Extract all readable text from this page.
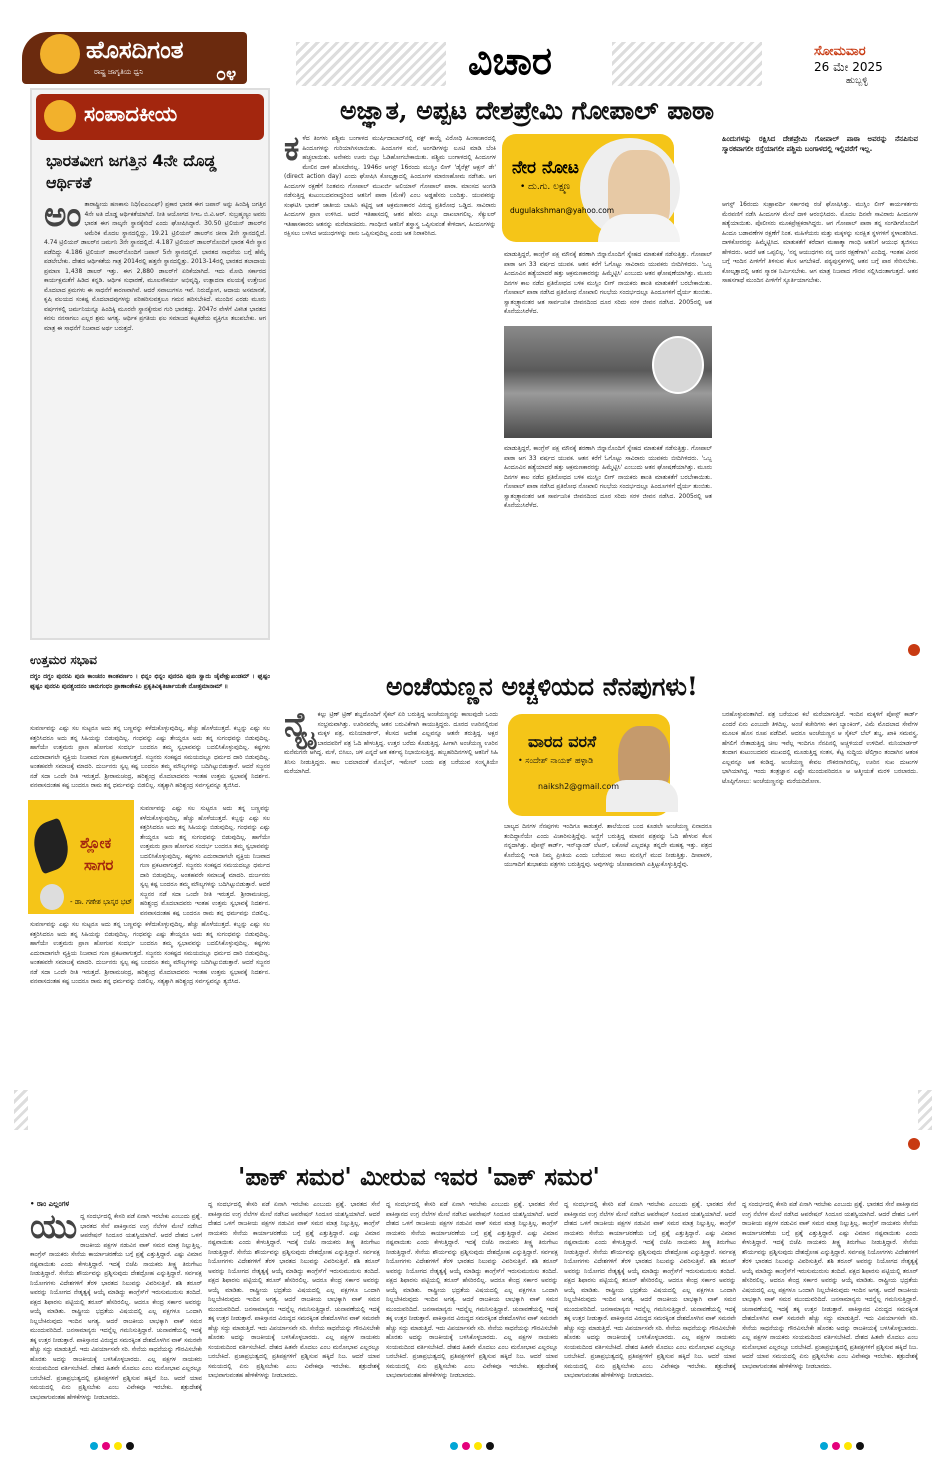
ಹೊಸದಿಗಂತ
ರಾಷ್ಟ್ರ ಜಾಗೃತಿಯ ಧ್ವನಿ	೦೪	ವಿಚಾರ	ಸೋಮವಾರ
26 ಮೇ 2025
ಹುಬ್ಬಳ್ಳಿ
ಸಂಪಾದಕೀಯ
ಭಾರತವೀಗ ಜಗತ್ತಿನ 4ನೇ ದೊಡ್ಡ ಆರ್ಥಿಕತೆ
ಅಂ ತಾರಾಷ್ಟ್ರೀಯ ಹಣಕಾಸು ನಿಧಿ(ಐಎಂಎಫ್) ಪ್ರಕಾರ ಭಾರತ ಈಗ ಜಪಾನ್ ಅನ್ನು ಹಿಂದಿಕ್ಕಿ ಜಗತ್ತಿನ 4ನೇ ಅತಿ ದೊಡ್ಡ ಆರ್ಥಿಕತೆಯಾಗಿದೆ. ನೀತಿ ಆಯೋಗದ ಸಿಇಒ ಬಿ.ವಿ.ಆರ್. ಸುಬ್ರಹ್ಮಣ್ಯಂ ಅವರು ಭಾರತ ಈಗ ನಾಲ್ಕನೇ ಸ್ಥಾನಕ್ಕೇರಿದೆ ಎಂದು ಘೋಷಿಸಿದ್ದಾರೆ. 30.50 ಟ್ರಿಲಿಯನ್ ಡಾಲರ್‌ನ ಅಮೆರಿಕ ಮೊದಲ ಸ್ಥಾನದಲ್ಲಿದ್ದು, 19.21 ಟ್ರಿಲಿಯನ್ ಡಾಲರ್‌ನ ಚೀನಾ 2ನೇ ಸ್ಥಾನದಲ್ಲಿದೆ. 4.74 ಟ್ರಿಲಿಯನ್ ಡಾಲರ್‌ನ ಜರ್ಮನಿ 3ನೇ ಸ್ಥಾನದಲ್ಲಿದೆ. 4.187 ಟ್ರಿಲಿಯನ್ ಡಾಲರ್‌ನೊಂದಿಗೆ ಭಾರತ 4ನೇ ಸ್ಥಾನ ಪಡೆದಿದ್ದು 4.186 ಟ್ರಿಲಿಯನ್ ಡಾಲರ್‌ನೊಂದಿಗೆ ಜಪಾನ್ 5ನೇ ಸ್ಥಾನದಲ್ಲಿದೆ. ಭಾರತದ ಸಾಧನೆಯ ಬಗ್ಗೆ ಹೆಮ್ಮೆ ಪಡಲೇಬೇಕು. ದೇಶದ ಆರ್ಥಿಕತೆಯ ಗಾತ್ರ 2014ರಲ್ಲಿ ಹತ್ತನೇ ಸ್ಥಾನದಲ್ಲಿತ್ತು. 2013-14ರಲ್ಲಿ ಭಾರತದ ತಲಾದಾಯ ಪ್ರಮಾಣ 1,438 ಡಾಲರ್ ಇತ್ತು. ಈಗ 2,880 ಡಾಲರ್‌ಗೆ ಏರಿಕೆಯಾಗಿದೆ. ಇದು ಮೋದಿ ಸರ್ಕಾರದ ಕಾರ್ಯಕ್ಷಮತೆಗೆ ಹಿಡಿದ ಕನ್ನಡಿ. ಆರ್ಥಿಕ ಸುಧಾರಣೆ, ಮೂಲಸೌಕರ್ಯ ಅಭಿವೃದ್ಧಿ, ಉತ್ಪಾದನಾ ವಲಯಕ್ಕೆ ಉತ್ತೇಜನ ಮೊದಲಾದ ಕ್ರಮಗಳು ಈ ಸಾಧನೆಗೆ ಕಾರಣವಾಗಿವೆ. ಆದರೆ ಸವಾಲುಗಳೂ ಇವೆ. ನಿರುದ್ಯೋಗ, ಆದಾಯ ಅಸಮಾನತೆ, ಕೃಷಿ ವಲಯದ ಸಂಕಷ್ಟ ಮೊದಲಾದವುಗಳನ್ನು ಪರಿಹರಿಸುವತ್ತಲೂ ಗಮನ ಹರಿಸಬೇಕಿದೆ. ಮುಂದಿನ ಎರಡು ಮೂರು ವರ್ಷಗಳಲ್ಲಿ ಜರ್ಮನಿಯನ್ನೂ ಹಿಂದಿಕ್ಕಿ ಮೂರನೇ ಸ್ಥಾನಕ್ಕೇರುವ ಗುರಿ ಭಾರತದ್ದು. 2047ರ ವೇಳೆಗೆ ವಿಕಸಿತ ಭಾರತದ ಕನಸು ನನಸಾಗಲು ಎಲ್ಲರ ಶ್ರಮ ಅಗತ್ಯ. ಆರ್ಥಿಕ ಪ್ರಗತಿಯ ಫಲ ಸಮಾಜದ ಕಟ್ಟಕಡೆಯ ವ್ಯಕ್ತಿಗೂ ತಲುಪಬೇಕು. ಆಗ ಮಾತ್ರ ಈ ಸಾಧನೆಗೆ ನಿಜವಾದ ಅರ್ಥ ಬರುತ್ತದೆ.
ಅಜ್ಞಾತ, ಅಪ್ಪಟ ದೇಶಪ್ರೇಮಿ ಗೋಪಾಲ್ ಪಾಠಾ
ಕ ಳೆದ ತಿಂಗಳು ಪಶ್ಚಿಮ ಬಂಗಾಳದ ಮುರ್ಷಿದಾಬಾದ್‌ನಲ್ಲಿ ವಕ್ಫ್ ಕಾಯ್ದೆ ವಿರೋಧಿ ಹಿಂಸಾಚಾರದಲ್ಲಿ ಹಿಂದೂಗಳನ್ನು ಗುರಿಯಾಗಿಸಲಾಯಿತು. ಹಿಂದೂಗಳ ಮನೆ, ಅಂಗಡಿಗಳನ್ನು ಲೂಟಿ ಮಾಡಿ ಬೆಂಕಿ ಹಚ್ಚಲಾಯಿತು. ಅನೇಕರು ಊರು ಬಿಟ್ಟು ಓಡಿಹೋಗಬೇಕಾಯಿತು. ಪಶ್ಚಿಮ ಬಂಗಾಳದಲ್ಲಿ ಹಿಂದೂಗಳ ಮೇಲಿನ ದಾಳಿ ಹೊಸದೇನಲ್ಲ. 1946ರ ಆಗಸ್ಟ್ 16ರಂದು ಮುಸ್ಲಿಂ ಲೀಗ್ 'ಡೈರೆಕ್ಟ್ ಆಕ್ಷನ್ ಡೇ' (direct action day) ಎಂದು ಘೋಷಿಸಿ ಕೋಲ್ಕತ್ತಾದಲ್ಲಿ ಹಿಂದೂಗಳ ಮಾರಣಹೋಮ ನಡೆಸಿತು. ಆಗ ಹಿಂದೂಗಳ ರಕ್ಷಣೆಗೆ ನಿಂತವನು ಗೋಪಾಲ್ ಮುಖರ್ಜಿ ಅಲಿಯಾಸ್ ಗೋಪಾಲ್ ಪಾಠಾ. ಮಾಂಸದ ಅಂಗಡಿ ನಡೆಸುತ್ತಿದ್ದ ಕುಟುಂಬದವನಾದ್ದರಿಂದ ಆತನಿಗೆ ಪಾಠಾ (ಮೇಕೆ) ಎಂಬ ಅಡ್ಡಹೆಸರು ಬಂದಿತ್ತು. ಯುವಕರನ್ನು ಸಂಘಟಿಸಿ ಭಾರತ್ ಜಾತೀಯ ಬಾಹಿನಿ ಕಟ್ಟಿದ್ದ ಆತ ಆಕ್ರಮಣಕಾರರ ವಿರುದ್ಧ ಪ್ರತಿರೋಧ ಒಡ್ಡಿದ. ಸಾವಿರಾರು ಹಿಂದೂಗಳ ಪ್ರಾಣ ಉಳಿಸಿದ. ಆದರೆ ಇತಿಹಾಸದಲ್ಲಿ ಆತನ ಹೆಸರು ಎಲ್ಲೂ ದಾಖಲಾಗಲಿಲ್ಲ. ಸೆಕ್ಯುಲರ್ ಇತಿಹಾಸಕಾರರು ಆತನನ್ನು ಮರೆಮಾಚಿದರು. ಗಾಂಧೀಜಿ ಆತನಿಗೆ ಶಸ್ತ್ರಾಸ್ತ್ರ ಒಪ್ಪಿಸುವಂತೆ ಕೇಳಿದಾಗ, ಹಿಂದೂಗಳನ್ನು ರಕ್ಷಿಸಲು ಬಳಸಿದ ಆಯುಧಗಳನ್ನು ನಾನು ಒಪ್ಪಿಸುವುದಿಲ್ಲ ಎಂದು ಆತ ನಿರಾಕರಿಸಿದ.
ನೇರ ನೋಟ
• ದು.ಗು. ಲಕ್ಷ್ಮಣ
dugulakshman@yahoo.com
ಮಾಡುತ್ತಿದ್ದರೆ, ಕಾಂಗ್ರೆಸ್ ಪಕ್ಷ ಮೌನಕ್ಕೆ ಶರಣಾಗಿ ಜಿನ್ನಾನೊಂದಿಗೆ ಸ್ನೇಹದ ಮಾತುಕತೆ ನಡೆಸುತ್ತಿತ್ತು. ಗೋಪಾಲ್ ಪಾಠಾ ಆಗ 33 ವರ್ಷದ ಯುವಕ. ಆತನ ಕರೆಗೆ ಓಗೊಟ್ಟು ಸಾವಿರಾರು ಯುವಕರು ಬೀದಿಗಿಳಿದರು. 'ಒಬ್ಬ ಹಿಂದೂವಿನ ಹತ್ಯೆಯಾದರೆ ಹತ್ತು ಆಕ್ರಮಣಕಾರರನ್ನು ಹಿಮ್ಮೆಟ್ಟಿಸಿ' ಎಂಬುದು ಆತನ ಘೋಷಣೆಯಾಗಿತ್ತು. ಮೂರು ದಿನಗಳ ಕಾಲ ನಡೆದ ಪ್ರತಿರೋಧದ ಬಳಿಕ ಮುಸ್ಲಿಂ ಲೀಗ್ ನಾಯಕರು ಶಾಂತಿ ಮಾತುಕತೆಗೆ ಬರಬೇಕಾಯಿತು. ಗೋಪಾಲ್ ಪಾಠಾ ನಡೆಸಿದ ಪ್ರತಿರೋಧ ನೋಖಾಲಿ ಗಲಭೆಯ ಸಂದರ್ಭದಲ್ಲೂ ಹಿಂದೂಗಳಿಗೆ ಧೈರ್ಯ ತುಂಬಿತು. ಸ್ವಾತಂತ್ರ್ಯಾನಂತರ ಆತ ಸಾರ್ವಜನಿಕ ಜೀವನದಿಂದ ದೂರ ಸರಿದು ಸರಳ ಜೀವನ ನಡೆಸಿದ. 2005ರಲ್ಲಿ ಆತ ಕೊನೆಯುಸಿರೆಳೆದ.
ಮಾಡುತ್ತಿದ್ದರೆ, ಕಾಂಗ್ರೆಸ್ ಪಕ್ಷ ಮೌನಕ್ಕೆ ಶರಣಾಗಿ ಜಿನ್ನಾನೊಂದಿಗೆ ಸ್ನೇಹದ ಮಾತುಕತೆ ನಡೆಸುತ್ತಿತ್ತು. ಗೋಪಾಲ್ ಪಾಠಾ ಆಗ 33 ವರ್ಷದ ಯುವಕ. ಆತನ ಕರೆಗೆ ಓಗೊಟ್ಟು ಸಾವಿರಾರು ಯುವಕರು ಬೀದಿಗಿಳಿದರು. 'ಒಬ್ಬ ಹಿಂದೂವಿನ ಹತ್ಯೆಯಾದರೆ ಹತ್ತು ಆಕ್ರಮಣಕಾರರನ್ನು ಹಿಮ್ಮೆಟ್ಟಿಸಿ' ಎಂಬುದು ಆತನ ಘೋಷಣೆಯಾಗಿತ್ತು. ಮೂರು ದಿನಗಳ ಕಾಲ ನಡೆದ ಪ್ರತಿರೋಧದ ಬಳಿಕ ಮುಸ್ಲಿಂ ಲೀಗ್ ನಾಯಕರು ಶಾಂತಿ ಮಾತುಕತೆಗೆ ಬರಬೇಕಾಯಿತು. ಗೋಪಾಲ್ ಪಾಠಾ ನಡೆಸಿದ ಪ್ರತಿರೋಧ ನೋಖಾಲಿ ಗಲಭೆಯ ಸಂದರ್ಭದಲ್ಲೂ ಹಿಂದೂಗಳಿಗೆ ಧೈರ್ಯ ತುಂಬಿತು. ಸ್ವಾತಂತ್ರ್ಯಾನಂತರ ಆತ ಸಾರ್ವಜನಿಕ ಜೀವನದಿಂದ ದೂರ ಸರಿದು ಸರಳ ಜೀವನ ನಡೆಸಿದ. 2005ರಲ್ಲಿ ಆತ ಕೊನೆಯುಸಿರೆಳೆದ.
ಹಿಂದುಗಳನ್ನು ರಕ್ಷಿಸಿದ ದೇಶಪ್ರೇಮಿ ಗೋಪಾಲ್ ಪಾಠಾ ಅವರನ್ನು ನೆನಪಿಸುವ ಸ್ಮಾರಕವಾಗಲೀ ರಸ್ತೆಯಾಗಲೀ ಪಶ್ಚಿಮ ಬಂಗಾಳದಲ್ಲಿ ಇಲ್ಲಿವರೆಗೆ ಇಲ್ಲ.
ಆಗಸ್ಟ್ 16ರಂದು ಸುಹ್ರಾವರ್ದಿ ಸರ್ಕಾರವು ರಜೆ ಘೋಷಿಸಿತ್ತು. ಮುಸ್ಲಿಂ ಲೀಗ್ ಕಾರ್ಯಕರ್ತರು ಮೆರವಣಿಗೆ ನಡೆಸಿ ಹಿಂದೂಗಳ ಮೇಲೆ ದಾಳಿ ಆರಂಭಿಸಿದರು. ಮೊದಲ ದಿನವೇ ಸಾವಿರಾರು ಹಿಂದೂಗಳ ಹತ್ಯೆಯಾಯಿತು. ಪೊಲೀಸರು ಮೂಕಪ್ರೇಕ್ಷಕರಾಗಿದ್ದರು. ಆಗ ಗೋಪಾಲ್ ಪಾಠಾ ತನ್ನ ಸಂಗಡಿಗರೊಂದಿಗೆ ಹಿಂದೂ ಬಡಾವಣೆಗಳ ರಕ್ಷಣೆಗೆ ನಿಂತ. ಮಹಿಳೆಯರು ಮತ್ತು ಮಕ್ಕಳನ್ನು ಸುರಕ್ಷಿತ ಸ್ಥಳಗಳಿಗೆ ಸ್ಥಳಾಂತರಿಸಿದ. ದಾಳಿಕೋರರನ್ನು ಹಿಮ್ಮೆಟ್ಟಿಸಿದ. ಮಾತುಕತೆಗೆ ಕರೆದಾಗ ಮಹಾತ್ಮಾ ಗಾಂಧಿ ಆತನಿಗೆ ಆಯುಧ ತ್ಯಜಿಸಲು ಹೇಳಿದರು. ಆದರೆ ಆತ ಒಪ್ಪಲಿಲ್ಲ. 'ನನ್ನ ಆಯುಧಗಳು ನನ್ನ ಜನರ ರಕ್ಷಣೆಗಾಗಿ' ಎಂದಿದ್ದ. ಇಂತಹ ವೀರನ ಬಗ್ಗೆ ಇಂದಿನ ಪೀಳಿಗೆಗೆ ತಿಳಿಸುವ ಕೆಲಸ ಆಗಬೇಕಿದೆ. ಪಠ್ಯಪುಸ್ತಕಗಳಲ್ಲಿ ಆತನ ಬಗ್ಗೆ ಪಾಠ ಸೇರಿಸಬೇಕು. ಕೋಲ್ಕತ್ತಾದಲ್ಲಿ ಆತನ ಸ್ಮಾರಕ ನಿರ್ಮಿಸಬೇಕು. ಆಗ ಮಾತ್ರ ನಿಜವಾದ ಗೌರವ ಸಲ್ಲಿಸಿದಂತಾಗುತ್ತದೆ. ಆತನ ಸಾಹಸಗಾಥೆ ಮುಂದಿನ ಪೀಳಿಗೆಗೆ ಸ್ಫೂರ್ತಿಯಾಗಬೇಕು.
ಉತ್ತಮರ ಸಭಾವ
ದಗ್ಧಂ ದಗ್ಧಂ ಪುನರಪಿ ಪುನಃ ಕಾಂಚನಂ ಕಾಂತವರ್ಣಂ । ಛಿನ್ನಂ ಛಿನ್ನಂ ಪುನರಪಿ ಪುನಃ ಸ್ವಾದು ಚೈವೇಕ್ಷುಖಂಡಮ್ । ಘೃಷ್ಟಂ ಘೃಷ್ಟಂ ಪುನರಪಿ ಪುನಶ್ಚಂದನಂ ಚಾರುಗಂಧಂ ಪ್ರಾಣಾಂತೇಽಪಿ ಪ್ರಕೃತಿವಿಕೃತಿರ್ಜಾಯತೇ ನೋತ್ತಮಾನಾಮ್ ॥
ಶ್ಲೋಕ
ಸಾಗರ
- ಡಾ. ಗಣೇಶ ಭಾಸ್ಕರ ಭಟ್
ಸುವರ್ಣವನ್ನು ಎಷ್ಟು ಸಲ ಸುಟ್ಟರೂ ಅದು ತನ್ನ ಬಣ್ಣವನ್ನು ಕಳೆದುಕೊಳ್ಳುವುದಿಲ್ಲ, ಹೆಚ್ಚು ಹೊಳೆಯುತ್ತದೆ. ಕಬ್ಬನ್ನು ಎಷ್ಟು ಸಲ ಕತ್ತರಿಸಿದರೂ ಅದು ತನ್ನ ಸಿಹಿಯನ್ನು ಬಿಡುವುದಿಲ್ಲ. ಗಂಧವನ್ನು ಎಷ್ಟು ತೇಯ್ದರೂ ಅದು ತನ್ನ ಸುಗಂಧವನ್ನು ಬಿಡುವುದಿಲ್ಲ. ಹಾಗೆಯೇ ಉತ್ತಮರು ಪ್ರಾಣ ಹೋಗುವ ಸಂದರ್ಭ ಬಂದರೂ ತಮ್ಮ ಸ್ವಭಾವವನ್ನು ಬದಲಿಸಿಕೊಳ್ಳುವುದಿಲ್ಲ. ಕಷ್ಟಗಳು ಎದುರಾದಾಗಲೇ ವ್ಯಕ್ತಿಯ ನಿಜವಾದ ಗುಣ ಪ್ರಕಟವಾಗುತ್ತದೆ. ಸಜ್ಜನರು ಸಂಕಷ್ಟದ ಸಮಯದಲ್ಲೂ ಧರ್ಮದ ದಾರಿ ಬಿಡುವುದಿಲ್ಲ. ಅಂತಹವರೇ ಸಮಾಜಕ್ಕೆ ಮಾದರಿ. ದುರ್ಜನರು ಸ್ವಲ್ಪ ಕಷ್ಟ ಬಂದರೂ ತಮ್ಮ ಮೌಲ್ಯಗಳನ್ನು ಬದಿಗಿಟ್ಟುಬಿಡುತ್ತಾರೆ. ಆದರೆ ಸಜ್ಜನರ ನಡೆ ಸದಾ ಒಂದೇ ರೀತಿ ಇರುತ್ತದೆ. ಶ್ರೀರಾಮಚಂದ್ರ, ಹರಿಶ್ಚಂದ್ರ ಮೊದಲಾದವರು ಇಂತಹ ಉತ್ತಮ ಸ್ವಭಾವಕ್ಕೆ ನಿದರ್ಶನ. ವನವಾಸದಂತಹ ಕಷ್ಟ ಬಂದರೂ ರಾಮ ತನ್ನ ಧರ್ಮವನ್ನು ಬಿಡಲಿಲ್ಲ. ಸತ್ಯಕ್ಕಾಗಿ ಹರಿಶ್ಚಂದ್ರ ಸರ್ವಸ್ವವನ್ನೂ ತ್ಯಜಿಸಿದ.
ಸುವರ್ಣವನ್ನು ಎಷ್ಟು ಸಲ ಸುಟ್ಟರೂ ಅದು ತನ್ನ ಬಣ್ಣವನ್ನು ಕಳೆದುಕೊಳ್ಳುವುದಿಲ್ಲ, ಹೆಚ್ಚು ಹೊಳೆಯುತ್ತದೆ. ಕಬ್ಬನ್ನು ಎಷ್ಟು ಸಲ ಕತ್ತರಿಸಿದರೂ ಅದು ತನ್ನ ಸಿಹಿಯನ್ನು ಬಿಡುವುದಿಲ್ಲ. ಗಂಧವನ್ನು ಎಷ್ಟು ತೇಯ್ದರೂ ಅದು ತನ್ನ ಸುಗಂಧವನ್ನು ಬಿಡುವುದಿಲ್ಲ. ಹಾಗೆಯೇ ಉತ್ತಮರು ಪ್ರಾಣ ಹೋಗುವ ಸಂದರ್ಭ ಬಂದರೂ ತಮ್ಮ ಸ್ವಭಾವವನ್ನು ಬದಲಿಸಿಕೊಳ್ಳುವುದಿಲ್ಲ. ಕಷ್ಟಗಳು ಎದುರಾದಾಗಲೇ ವ್ಯಕ್ತಿಯ ನಿಜವಾದ ಗುಣ ಪ್ರಕಟವಾಗುತ್ತದೆ. ಸಜ್ಜನರು ಸಂಕಷ್ಟದ ಸಮಯದಲ್ಲೂ ಧರ್ಮದ ದಾರಿ ಬಿಡುವುದಿಲ್ಲ. ಅಂತಹವರೇ ಸಮಾಜಕ್ಕೆ ಮಾದರಿ. ದುರ್ಜನರು ಸ್ವಲ್ಪ ಕಷ್ಟ ಬಂದರೂ ತಮ್ಮ ಮೌಲ್ಯಗಳನ್ನು ಬದಿಗಿಟ್ಟುಬಿಡುತ್ತಾರೆ. ಆದರೆ ಸಜ್ಜನರ ನಡೆ ಸದಾ ಒಂದೇ ರೀತಿ ಇರುತ್ತದೆ. ಶ್ರೀರಾಮಚಂದ್ರ, ಹರಿಶ್ಚಂದ್ರ ಮೊದಲಾದವರು ಇಂತಹ ಉತ್ತಮ ಸ್ವಭಾವಕ್ಕೆ ನಿದರ್ಶನ. ವನವಾಸದಂತಹ ಕಷ್ಟ ಬಂದರೂ ರಾಮ ತನ್ನ ಧರ್ಮವನ್ನು ಬಿಡಲಿಲ್ಲ.
ಸುವರ್ಣವನ್ನು ಎಷ್ಟು ಸಲ ಸುಟ್ಟರೂ ಅದು ತನ್ನ ಬಣ್ಣವನ್ನು ಕಳೆದುಕೊಳ್ಳುವುದಿಲ್ಲ, ಹೆಚ್ಚು ಹೊಳೆಯುತ್ತದೆ. ಕಬ್ಬನ್ನು ಎಷ್ಟು ಸಲ ಕತ್ತರಿಸಿದರೂ ಅದು ತನ್ನ ಸಿಹಿಯನ್ನು ಬಿಡುವುದಿಲ್ಲ. ಗಂಧವನ್ನು ಎಷ್ಟು ತೇಯ್ದರೂ ಅದು ತನ್ನ ಸುಗಂಧವನ್ನು ಬಿಡುವುದಿಲ್ಲ. ಹಾಗೆಯೇ ಉತ್ತಮರು ಪ್ರಾಣ ಹೋಗುವ ಸಂದರ್ಭ ಬಂದರೂ ತಮ್ಮ ಸ್ವಭಾವವನ್ನು ಬದಲಿಸಿಕೊಳ್ಳುವುದಿಲ್ಲ. ಕಷ್ಟಗಳು ಎದುರಾದಾಗಲೇ ವ್ಯಕ್ತಿಯ ನಿಜವಾದ ಗುಣ ಪ್ರಕಟವಾಗುತ್ತದೆ. ಸಜ್ಜನರು ಸಂಕಷ್ಟದ ಸಮಯದಲ್ಲೂ ಧರ್ಮದ ದಾರಿ ಬಿಡುವುದಿಲ್ಲ. ಅಂತಹವರೇ ಸಮಾಜಕ್ಕೆ ಮಾದರಿ. ದುರ್ಜನರು ಸ್ವಲ್ಪ ಕಷ್ಟ ಬಂದರೂ ತಮ್ಮ ಮೌಲ್ಯಗಳನ್ನು ಬದಿಗಿಟ್ಟುಬಿಡುತ್ತಾರೆ. ಆದರೆ ಸಜ್ಜನರ ನಡೆ ಸದಾ ಒಂದೇ ರೀತಿ ಇರುತ್ತದೆ. ಶ್ರೀರಾಮಚಂದ್ರ, ಹರಿಶ್ಚಂದ್ರ ಮೊದಲಾದವರು ಇಂತಹ ಉತ್ತಮ ಸ್ವಭಾವಕ್ಕೆ ನಿದರ್ಶನ. ವನವಾಸದಂತಹ ಕಷ್ಟ ಬಂದರೂ ರಾಮ ತನ್ನ ಧರ್ಮವನ್ನು ಬಿಡಲಿಲ್ಲ. ಸತ್ಯಕ್ಕಾಗಿ ಹರಿಶ್ಚಂದ್ರ ಸರ್ವಸ್ವವನ್ನೂ ತ್ಯಜಿಸಿದ.
ಅಂಚೆಯಣ್ಣನ ಅಚ್ಚಳಿಯದ ನೆನಪುಗಳು!
ನ್ಯೈ ಕಲ್ಲು ಟ್ರಿಣ್ ಟ್ರಿಣ್ ಶಬ್ದದೊಂದಿಗೆ ಸೈಕಲ್ ಏರಿ ಬರುತ್ತಿದ್ದ ಅಂಚೆಯಣ್ಣನನ್ನು ಕಾಣುವುದೇ ಒಂದು ಸಂಭ್ರಮವಾಗಿತ್ತು. ಊರಿನವರೆಲ್ಲ ಆತನ ಬರುವಿಕೆಗಾಗಿ ಕಾಯುತ್ತಿದ್ದರು. ದೂರದ ಊರಿನಲ್ಲಿರುವ ಮಕ್ಕಳ ಪತ್ರ, ಮನಿಯಾರ್ಡರ್, ಕೆಲಸದ ಆದೇಶ ಎಲ್ಲವನ್ನೂ ಆತನೇ ತರುತ್ತಿದ್ದ. ಅಕ್ಷರ ಬಾರದವರಿಗೆ ಪತ್ರ ಓದಿ ಹೇಳುತ್ತಿದ್ದ. ಉತ್ತರ ಬರೆದು ಕೊಡುತ್ತಿದ್ದ. ಹೀಗಾಗಿ ಅಂಚೆಯಣ್ಣ ಊರಿನ ಮನೆಮಗನೇ ಆಗಿದ್ದ. ಮಳೆ, ಬಿಸಿಲು, ಚಳಿ ಎನ್ನದೆ ಆತ ಕರ್ತವ್ಯ ನಿಭಾಯಿಸುತ್ತಿದ್ದ. ಹಬ್ಬಹರಿದಿನಗಳಲ್ಲಿ ಆತನಿಗೆ ಸಿಹಿ ತಿನಿಸು ನೀಡುತ್ತಿದ್ದರು. ಕಾಲ ಬದಲಾದಂತೆ ಮೊಬೈಲ್, ಇಮೇಲ್ ಬಂದು ಪತ್ರ ಬರೆಯುವ ಸಂಸ್ಕೃತಿಯೇ ಮರೆಯಾಗಿದೆ.
ವಾರದ ವರಸೆ
• ಸಂದೇಶ್ ನಾಯಕ್ ಹಳ್ಳಾಡಿ
naiksh2@gmail.com
ಬಾಲ್ಯದ ದಿನಗಳ ನೆನಪುಗಳು ಇಂದಿಗೂ ಕಾಡುತ್ತವೆ. ಶಾಲೆಯಿಂದ ಬಂದ ಕೂಡಲೇ ಅಂಚೆಯಣ್ಣ ಏನಾದರೂ ತಂದಿದ್ದಾನೆಯೇ ಎಂದು ವಿಚಾರಿಸುತ್ತಿದ್ದೆವು. ಅಜ್ಜಿಗೆ ಬರುತ್ತಿದ್ದ ಮಾವನ ಪತ್ರವನ್ನು ಓದಿ ಹೇಳುವ ಕೆಲಸ ನನ್ನದಾಗಿತ್ತು. ಪೋಸ್ಟ್ ಕಾರ್ಡ್, ಇನ್‌ಲ್ಯಾಂಡ್ ಲೆಟರ್, ಲಕೋಟೆ ಎಲ್ಲದಕ್ಕೂ ತನ್ನದೇ ಮಹತ್ವ ಇತ್ತು. ಪತ್ರದ ಕೊನೆಯಲ್ಲಿ ಇಂತಿ ನಿಮ್ಮ ಪ್ರೀತಿಯ ಎಂದು ಬರೆಯುವ ಸಾಲು ಮನಸ್ಸಿಗೆ ಮುದ ನೀಡುತ್ತಿತ್ತು. ದೀಪಾವಳಿ, ಯುಗಾದಿಗೆ ಶುಭಾಶಯ ಪತ್ರಗಳು ಬರುತ್ತಿದ್ದವು. ಅವುಗಳನ್ನು ಜೋಪಾನವಾಗಿ ಎತ್ತಿಟ್ಟುಕೊಳ್ಳುತ್ತಿದ್ದೆವು.
ಬರಹೊಳ್ಳುವಂತಾಗಿದೆ. ಪತ್ರ ಬರೆಯುವ ಕಲೆ ಮರೆಯಾಗುತ್ತಿದೆ. ಇಂದಿನ ಮಕ್ಕಳಿಗೆ ಪೋಸ್ಟ್ ಕಾರ್ಡ್ ಎಂದರೆ ಏನು ಎಂಬುದೇ ತಿಳಿದಿಲ್ಲ. ಅಂಚೆ ಕಚೇರಿಗಳು ಈಗ ಬ್ಯಾಂಕಿಂಗ್, ವಿಮೆ ಮೊದಲಾದ ಸೇವೆಗಳ ಮೂಲಕ ಹೊಸ ರೂಪ ಪಡೆದಿವೆ. ಆದರೂ ಅಂಚೆಯಣ್ಣನ ಆ ಸೈಕಲ್ ಬೆಲ್ ಶಬ್ದ, ಖಾಕಿ ಸಮವಸ್ತ್ರ, ಹೆಗಲಿಗೆ ನೇತಾಡುತ್ತಿದ್ದ ಚೀಲ ಇವೆಲ್ಲ ಇಂದಿಗೂ ನೆನಪಿನಲ್ಲಿ ಅಚ್ಚಳಿಯದೆ ಉಳಿದಿವೆ. ಮನಿಯಾರ್ಡರ್ ತಂದಾಗ ಕುಟುಂಬದವರ ಮುಖದಲ್ಲಿ ಮೂಡುತ್ತಿದ್ದ ಸಂತಸ, ಕೆಟ್ಟ ಸುದ್ದಿಯ ಟೆಲಿಗ್ರಾಂ ತಂದಾಗಿನ ಆತಂಕ ಎಲ್ಲವನ್ನೂ ಆತ ಕಂಡಿದ್ದ. ಅಂಚೆಯಣ್ಣ ಕೇವಲ ನೌಕರನಾಗಿರಲಿಲ್ಲ, ಊರಿನ ಸುಖ ದುಃಖಗಳ ಭಾಗಿಯಾಗಿದ್ದ. ಇಂದು ತಂತ್ರಜ್ಞಾನ ಎಷ್ಟೇ ಮುಂದುವರಿದರೂ ಆ ಆತ್ಮೀಯತೆ ಮರಳಿ ಬರಲಾರದು. ಟೊಪ್ಪಿಗೋಲು: ಅಂಚೆಯಣ್ಣನನ್ನು ಮರೆಯದಿರೋಣ.
'ಪಾಕ್ ಸಮರ' ಮೀರುವ ಇವರ 'ವಾಕ್ ಸಮರ'
• ರಾಂ ಎಲ್ಲಂಗಳ
ಯು ದ್ಧ ಸಂದರ್ಭದಲ್ಲಿ ಕೇಸರಿ ಪಡೆ ಏನಾಗಿ ಇರಬೇಕು ಎಂಬುದು ಪ್ರಶ್ನೆ. ಭಾರತದ ಸೇನೆ ಪಾಕಿಸ್ತಾನದ ಉಗ್ರ ನೆಲೆಗಳ ಮೇಲೆ ನಡೆಸಿದ ಆಪರೇಷನ್ ಸಿಂದೂರ ಯಶಸ್ವಿಯಾಗಿದೆ. ಆದರೆ ದೇಶದ ಒಳಗೆ ರಾಜಕೀಯ ಪಕ್ಷಗಳ ನಡುವಿನ ವಾಕ್ ಸಮರ ಮಾತ್ರ ನಿಲ್ಲುತ್ತಿಲ್ಲ. ಕಾಂಗ್ರೆಸ್ ನಾಯಕರು ಸೇನೆಯ ಕಾರ್ಯಾಚರಣೆಯ ಬಗ್ಗೆ ಪ್ರಶ್ನೆ ಎತ್ತುತ್ತಿದ್ದಾರೆ. ಎಷ್ಟು ವಿಮಾನ ನಷ್ಟವಾಯಿತು ಎಂದು ಕೇಳುತ್ತಿದ್ದಾರೆ. ಇದಕ್ಕೆ ಬಿಜೆಪಿ ನಾಯಕರು ತೀಕ್ಷ್ಣ ತಿರುಗೇಟು ನೀಡುತ್ತಿದ್ದಾರೆ. ಸೇನೆಯ ಶೌರ್ಯವನ್ನು ಪ್ರಶ್ನಿಸುವುದು ದೇಶದ್ರೋಹ ಎನ್ನುತ್ತಿದ್ದಾರೆ. ಸರ್ವಪಕ್ಷ ನಿಯೋಗಗಳು ವಿದೇಶಗಳಿಗೆ ತೆರಳಿ ಭಾರತದ ನಿಲುವನ್ನು ವಿವರಿಸುತ್ತಿವೆ. ಶಶಿ ತರೂರ್ ಅವರನ್ನು ನಿಯೋಗದ ನೇತೃತ್ವಕ್ಕೆ ಆಯ್ಕೆ ಮಾಡಿದ್ದು ಕಾಂಗ್ರೆಸ್‌ಗೆ ಇರುಸುಮುರುಸು ತಂದಿದೆ. ಪಕ್ಷದ ಶಿಫಾರಸು ಪಟ್ಟಿಯಲ್ಲಿ ತರೂರ್ ಹೆಸರಿರಲಿಲ್ಲ. ಆದರೂ ಕೇಂದ್ರ ಸರ್ಕಾರ ಅವರನ್ನು ಆಯ್ಕೆ ಮಾಡಿತು. ರಾಷ್ಟ್ರೀಯ ಭದ್ರತೆಯ ವಿಷಯದಲ್ಲಿ ಎಲ್ಲ ಪಕ್ಷಗಳೂ ಒಂದಾಗಿ ನಿಲ್ಲಬೇಕಿರುವುದು ಇಂದಿನ ಅಗತ್ಯ. ಆದರೆ ರಾಜಕೀಯ ಲಾಭಕ್ಕಾಗಿ ವಾಕ್ ಸಮರ ಮುಂದುವರಿದಿದೆ. ಜನಸಾಮಾನ್ಯರು ಇದನ್ನೆಲ್ಲ ಗಮನಿಸುತ್ತಿದ್ದಾರೆ. ಚುನಾವಣೆಯಲ್ಲಿ ಇದಕ್ಕೆ ತಕ್ಕ ಉತ್ತರ ನೀಡುತ್ತಾರೆ. ಪಾಕಿಸ್ತಾನದ ವಿರುದ್ಧದ ಸಮರಕ್ಕಿಂತ ದೇಶದೊಳಗಿನ ವಾಕ್ ಸಮರವೇ ಹೆಚ್ಚು ಸದ್ದು ಮಾಡುತ್ತಿದೆ. ಇದು ವಿಪರ್ಯಾಸವೇ ಸರಿ. ಸೇನೆಯ ಸಾಧನೆಯನ್ನು ಗೌರವಿಸಬೇಕೇ ಹೊರತು ಅದನ್ನು ರಾಜಕೀಯಕ್ಕೆ ಬಳಸಿಕೊಳ್ಳಬಾರದು. ಎಲ್ಲ ಪಕ್ಷಗಳ ನಾಯಕರು ಸಂಯಮದಿಂದ ವರ್ತಿಸಬೇಕಿದೆ. ದೇಶದ ಹಿತವೇ ಮೊದಲು ಎಂಬ ಮನೋಭಾವ ಎಲ್ಲರಲ್ಲೂ ಬರಬೇಕಿದೆ. ಪ್ರಜಾಪ್ರಭುತ್ವದಲ್ಲಿ ಪ್ರತಿಪಕ್ಷಗಳಿಗೆ ಪ್ರಶ್ನಿಸುವ ಹಕ್ಕಿದೆ ನಿಜ. ಆದರೆ ಯಾವ ಸಮಯದಲ್ಲಿ ಏನು ಪ್ರಶ್ನಿಸಬೇಕು ಎಂಬ ವಿವೇಕವೂ ಇರಬೇಕು. ಶತ್ರುದೇಶಕ್ಕೆ ಲಾಭವಾಗುವಂತಹ ಹೇಳಿಕೆಗಳನ್ನು ನೀಡಬಾರದು.
ದ್ಧ ಸಂದರ್ಭದಲ್ಲಿ ಕೇಸರಿ ಪಡೆ ಏನಾಗಿ ಇರಬೇಕು ಎಂಬುದು ಪ್ರಶ್ನೆ. ಭಾರತದ ಸೇನೆ ಪಾಕಿಸ್ತಾನದ ಉಗ್ರ ನೆಲೆಗಳ ಮೇಲೆ ನಡೆಸಿದ ಆಪರೇಷನ್ ಸಿಂದೂರ ಯಶಸ್ವಿಯಾಗಿದೆ. ಆದರೆ ದೇಶದ ಒಳಗೆ ರಾಜಕೀಯ ಪಕ್ಷಗಳ ನಡುವಿನ ವಾಕ್ ಸಮರ ಮಾತ್ರ ನಿಲ್ಲುತ್ತಿಲ್ಲ. ಕಾಂಗ್ರೆಸ್ ನಾಯಕರು ಸೇನೆಯ ಕಾರ್ಯಾಚರಣೆಯ ಬಗ್ಗೆ ಪ್ರಶ್ನೆ ಎತ್ತುತ್ತಿದ್ದಾರೆ. ಎಷ್ಟು ವಿಮಾನ ನಷ್ಟವಾಯಿತು ಎಂದು ಕೇಳುತ್ತಿದ್ದಾರೆ. ಇದಕ್ಕೆ ಬಿಜೆಪಿ ನಾಯಕರು ತೀಕ್ಷ್ಣ ತಿರುಗೇಟು ನೀಡುತ್ತಿದ್ದಾರೆ. ಸೇನೆಯ ಶೌರ್ಯವನ್ನು ಪ್ರಶ್ನಿಸುವುದು ದೇಶದ್ರೋಹ ಎನ್ನುತ್ತಿದ್ದಾರೆ. ಸರ್ವಪಕ್ಷ ನಿಯೋಗಗಳು ವಿದೇಶಗಳಿಗೆ ತೆರಳಿ ಭಾರತದ ನಿಲುವನ್ನು ವಿವರಿಸುತ್ತಿವೆ. ಶಶಿ ತರೂರ್ ಅವರನ್ನು ನಿಯೋಗದ ನೇತೃತ್ವಕ್ಕೆ ಆಯ್ಕೆ ಮಾಡಿದ್ದು ಕಾಂಗ್ರೆಸ್‌ಗೆ ಇರುಸುಮುರುಸು ತಂದಿದೆ. ಪಕ್ಷದ ಶಿಫಾರಸು ಪಟ್ಟಿಯಲ್ಲಿ ತರೂರ್ ಹೆಸರಿರಲಿಲ್ಲ. ಆದರೂ ಕೇಂದ್ರ ಸರ್ಕಾರ ಅವರನ್ನು ಆಯ್ಕೆ ಮಾಡಿತು. ರಾಷ್ಟ್ರೀಯ ಭದ್ರತೆಯ ವಿಷಯದಲ್ಲಿ ಎಲ್ಲ ಪಕ್ಷಗಳೂ ಒಂದಾಗಿ ನಿಲ್ಲಬೇಕಿರುವುದು ಇಂದಿನ ಅಗತ್ಯ. ಆದರೆ ರಾಜಕೀಯ ಲಾಭಕ್ಕಾಗಿ ವಾಕ್ ಸಮರ ಮುಂದುವರಿದಿದೆ. ಜನಸಾಮಾನ್ಯರು ಇದನ್ನೆಲ್ಲ ಗಮನಿಸುತ್ತಿದ್ದಾರೆ. ಚುನಾವಣೆಯಲ್ಲಿ ಇದಕ್ಕೆ ತಕ್ಕ ಉತ್ತರ ನೀಡುತ್ತಾರೆ. ಪಾಕಿಸ್ತಾನದ ವಿರುದ್ಧದ ಸಮರಕ್ಕಿಂತ ದೇಶದೊಳಗಿನ ವಾಕ್ ಸಮರವೇ ಹೆಚ್ಚು ಸದ್ದು ಮಾಡುತ್ತಿದೆ. ಇದು ವಿಪರ್ಯಾಸವೇ ಸರಿ. ಸೇನೆಯ ಸಾಧನೆಯನ್ನು ಗೌರವಿಸಬೇಕೇ ಹೊರತು ಅದನ್ನು ರಾಜಕೀಯಕ್ಕೆ ಬಳಸಿಕೊಳ್ಳಬಾರದು. ಎಲ್ಲ ಪಕ್ಷಗಳ ನಾಯಕರು ಸಂಯಮದಿಂದ ವರ್ತಿಸಬೇಕಿದೆ. ದೇಶದ ಹಿತವೇ ಮೊದಲು ಎಂಬ ಮನೋಭಾವ ಎಲ್ಲರಲ್ಲೂ ಬರಬೇಕಿದೆ. ಪ್ರಜಾಪ್ರಭುತ್ವದಲ್ಲಿ ಪ್ರತಿಪಕ್ಷಗಳಿಗೆ ಪ್ರಶ್ನಿಸುವ ಹಕ್ಕಿದೆ ನಿಜ. ಆದರೆ ಯಾವ ಸಮಯದಲ್ಲಿ ಏನು ಪ್ರಶ್ನಿಸಬೇಕು ಎಂಬ ವಿವೇಕವೂ ಇರಬೇಕು. ಶತ್ರುದೇಶಕ್ಕೆ ಲಾಭವಾಗುವಂತಹ ಹೇಳಿಕೆಗಳನ್ನು ನೀಡಬಾರದು.
ದ್ಧ ಸಂದರ್ಭದಲ್ಲಿ ಕೇಸರಿ ಪಡೆ ಏನಾಗಿ ಇರಬೇಕು ಎಂಬುದು ಪ್ರಶ್ನೆ. ಭಾರತದ ಸೇನೆ ಪಾಕಿಸ್ತಾನದ ಉಗ್ರ ನೆಲೆಗಳ ಮೇಲೆ ನಡೆಸಿದ ಆಪರೇಷನ್ ಸಿಂದೂರ ಯಶಸ್ವಿಯಾಗಿದೆ. ಆದರೆ ದೇಶದ ಒಳಗೆ ರಾಜಕೀಯ ಪಕ್ಷಗಳ ನಡುವಿನ ವಾಕ್ ಸಮರ ಮಾತ್ರ ನಿಲ್ಲುತ್ತಿಲ್ಲ. ಕಾಂಗ್ರೆಸ್ ನಾಯಕರು ಸೇನೆಯ ಕಾರ್ಯಾಚರಣೆಯ ಬಗ್ಗೆ ಪ್ರಶ್ನೆ ಎತ್ತುತ್ತಿದ್ದಾರೆ. ಎಷ್ಟು ವಿಮಾನ ನಷ್ಟವಾಯಿತು ಎಂದು ಕೇಳುತ್ತಿದ್ದಾರೆ. ಇದಕ್ಕೆ ಬಿಜೆಪಿ ನಾಯಕರು ತೀಕ್ಷ್ಣ ತಿರುಗೇಟು ನೀಡುತ್ತಿದ್ದಾರೆ. ಸೇನೆಯ ಶೌರ್ಯವನ್ನು ಪ್ರಶ್ನಿಸುವುದು ದೇಶದ್ರೋಹ ಎನ್ನುತ್ತಿದ್ದಾರೆ. ಸರ್ವಪಕ್ಷ ನಿಯೋಗಗಳು ವಿದೇಶಗಳಿಗೆ ತೆರಳಿ ಭಾರತದ ನಿಲುವನ್ನು ವಿವರಿಸುತ್ತಿವೆ. ಶಶಿ ತರೂರ್ ಅವರನ್ನು ನಿಯೋಗದ ನೇತೃತ್ವಕ್ಕೆ ಆಯ್ಕೆ ಮಾಡಿದ್ದು ಕಾಂಗ್ರೆಸ್‌ಗೆ ಇರುಸುಮುರುಸು ತಂದಿದೆ. ಪಕ್ಷದ ಶಿಫಾರಸು ಪಟ್ಟಿಯಲ್ಲಿ ತರೂರ್ ಹೆಸರಿರಲಿಲ್ಲ. ಆದರೂ ಕೇಂದ್ರ ಸರ್ಕಾರ ಅವರನ್ನು ಆಯ್ಕೆ ಮಾಡಿತು. ರಾಷ್ಟ್ರೀಯ ಭದ್ರತೆಯ ವಿಷಯದಲ್ಲಿ ಎಲ್ಲ ಪಕ್ಷಗಳೂ ಒಂದಾಗಿ ನಿಲ್ಲಬೇಕಿರುವುದು ಇಂದಿನ ಅಗತ್ಯ. ಆದರೆ ರಾಜಕೀಯ ಲಾಭಕ್ಕಾಗಿ ವಾಕ್ ಸಮರ ಮುಂದುವರಿದಿದೆ. ಜನಸಾಮಾನ್ಯರು ಇದನ್ನೆಲ್ಲ ಗಮನಿಸುತ್ತಿದ್ದಾರೆ. ಚುನಾವಣೆಯಲ್ಲಿ ಇದಕ್ಕೆ ತಕ್ಕ ಉತ್ತರ ನೀಡುತ್ತಾರೆ. ಪಾಕಿಸ್ತಾನದ ವಿರುದ್ಧದ ಸಮರಕ್ಕಿಂತ ದೇಶದೊಳಗಿನ ವಾಕ್ ಸಮರವೇ ಹೆಚ್ಚು ಸದ್ದು ಮಾಡುತ್ತಿದೆ. ಇದು ವಿಪರ್ಯಾಸವೇ ಸರಿ. ಸೇನೆಯ ಸಾಧನೆಯನ್ನು ಗೌರವಿಸಬೇಕೇ ಹೊರತು ಅದನ್ನು ರಾಜಕೀಯಕ್ಕೆ ಬಳಸಿಕೊಳ್ಳಬಾರದು. ಎಲ್ಲ ಪಕ್ಷಗಳ ನಾಯಕರು ಸಂಯಮದಿಂದ ವರ್ತಿಸಬೇಕಿದೆ. ದೇಶದ ಹಿತವೇ ಮೊದಲು ಎಂಬ ಮನೋಭಾವ ಎಲ್ಲರಲ್ಲೂ ಬರಬೇಕಿದೆ. ಪ್ರಜಾಪ್ರಭುತ್ವದಲ್ಲಿ ಪ್ರತಿಪಕ್ಷಗಳಿಗೆ ಪ್ರಶ್ನಿಸುವ ಹಕ್ಕಿದೆ ನಿಜ. ಆದರೆ ಯಾವ ಸಮಯದಲ್ಲಿ ಏನು ಪ್ರಶ್ನಿಸಬೇಕು ಎಂಬ ವಿವೇಕವೂ ಇರಬೇಕು. ಶತ್ರುದೇಶಕ್ಕೆ ಲಾಭವಾಗುವಂತಹ ಹೇಳಿಕೆಗಳನ್ನು ನೀಡಬಾರದು.
ದ್ಧ ಸಂದರ್ಭದಲ್ಲಿ ಕೇಸರಿ ಪಡೆ ಏನಾಗಿ ಇರಬೇಕು ಎಂಬುದು ಪ್ರಶ್ನೆ. ಭಾರತದ ಸೇನೆ ಪಾಕಿಸ್ತಾನದ ಉಗ್ರ ನೆಲೆಗಳ ಮೇಲೆ ನಡೆಸಿದ ಆಪರೇಷನ್ ಸಿಂದೂರ ಯಶಸ್ವಿಯಾಗಿದೆ. ಆದರೆ ದೇಶದ ಒಳಗೆ ರಾಜಕೀಯ ಪಕ್ಷಗಳ ನಡುವಿನ ವಾಕ್ ಸಮರ ಮಾತ್ರ ನಿಲ್ಲುತ್ತಿಲ್ಲ. ಕಾಂಗ್ರೆಸ್ ನಾಯಕರು ಸೇನೆಯ ಕಾರ್ಯಾಚರಣೆಯ ಬಗ್ಗೆ ಪ್ರಶ್ನೆ ಎತ್ತುತ್ತಿದ್ದಾರೆ. ಎಷ್ಟು ವಿಮಾನ ನಷ್ಟವಾಯಿತು ಎಂದು ಕೇಳುತ್ತಿದ್ದಾರೆ. ಇದಕ್ಕೆ ಬಿಜೆಪಿ ನಾಯಕರು ತೀಕ್ಷ್ಣ ತಿರುಗೇಟು ನೀಡುತ್ತಿದ್ದಾರೆ. ಸೇನೆಯ ಶೌರ್ಯವನ್ನು ಪ್ರಶ್ನಿಸುವುದು ದೇಶದ್ರೋಹ ಎನ್ನುತ್ತಿದ್ದಾರೆ. ಸರ್ವಪಕ್ಷ ನಿಯೋಗಗಳು ವಿದೇಶಗಳಿಗೆ ತೆರಳಿ ಭಾರತದ ನಿಲುವನ್ನು ವಿವರಿಸುತ್ತಿವೆ. ಶಶಿ ತರೂರ್ ಅವರನ್ನು ನಿಯೋಗದ ನೇತೃತ್ವಕ್ಕೆ ಆಯ್ಕೆ ಮಾಡಿದ್ದು ಕಾಂಗ್ರೆಸ್‌ಗೆ ಇರುಸುಮುರುಸು ತಂದಿದೆ. ಪಕ್ಷದ ಶಿಫಾರಸು ಪಟ್ಟಿಯಲ್ಲಿ ತರೂರ್ ಹೆಸರಿರಲಿಲ್ಲ. ಆದರೂ ಕೇಂದ್ರ ಸರ್ಕಾರ ಅವರನ್ನು ಆಯ್ಕೆ ಮಾಡಿತು. ರಾಷ್ಟ್ರೀಯ ಭದ್ರತೆಯ ವಿಷಯದಲ್ಲಿ ಎಲ್ಲ ಪಕ್ಷಗಳೂ ಒಂದಾಗಿ ನಿಲ್ಲಬೇಕಿರುವುದು ಇಂದಿನ ಅಗತ್ಯ. ಆದರೆ ರಾಜಕೀಯ ಲಾಭಕ್ಕಾಗಿ ವಾಕ್ ಸಮರ ಮುಂದುವರಿದಿದೆ. ಜನಸಾಮಾನ್ಯರು ಇದನ್ನೆಲ್ಲ ಗಮನಿಸುತ್ತಿದ್ದಾರೆ. ಚುನಾವಣೆಯಲ್ಲಿ ಇದಕ್ಕೆ ತಕ್ಕ ಉತ್ತರ ನೀಡುತ್ತಾರೆ. ಪಾಕಿಸ್ತಾನದ ವಿರುದ್ಧದ ಸಮರಕ್ಕಿಂತ ದೇಶದೊಳಗಿನ ವಾಕ್ ಸಮರವೇ ಹೆಚ್ಚು ಸದ್ದು ಮಾಡುತ್ತಿದೆ. ಇದು ವಿಪರ್ಯಾಸವೇ ಸರಿ. ಸೇನೆಯ ಸಾಧನೆಯನ್ನು ಗೌರವಿಸಬೇಕೇ ಹೊರತು ಅದನ್ನು ರಾಜಕೀಯಕ್ಕೆ ಬಳಸಿಕೊಳ್ಳಬಾರದು. ಎಲ್ಲ ಪಕ್ಷಗಳ ನಾಯಕರು ಸಂಯಮದಿಂದ ವರ್ತಿಸಬೇಕಿದೆ. ದೇಶದ ಹಿತವೇ ಮೊದಲು ಎಂಬ ಮನೋಭಾವ ಎಲ್ಲರಲ್ಲೂ ಬರಬೇಕಿದೆ. ಪ್ರಜಾಪ್ರಭುತ್ವದಲ್ಲಿ ಪ್ರತಿಪಕ್ಷಗಳಿಗೆ ಪ್ರಶ್ನಿಸುವ ಹಕ್ಕಿದೆ ನಿಜ. ಆದರೆ ಯಾವ ಸಮಯದಲ್ಲಿ ಏನು ಪ್ರಶ್ನಿಸಬೇಕು ಎಂಬ ವಿವೇಕವೂ ಇರಬೇಕು. ಶತ್ರುದೇಶಕ್ಕೆ ಲಾಭವಾಗುವಂತಹ ಹೇಳಿಕೆಗಳನ್ನು ನೀಡಬಾರದು.
ದ್ಧ ಸಂದರ್ಭದಲ್ಲಿ ಕೇಸರಿ ಪಡೆ ಏನಾಗಿ ಇರಬೇಕು ಎಂಬುದು ಪ್ರಶ್ನೆ. ಭಾರತದ ಸೇನೆ ಪಾಕಿಸ್ತಾನದ ಉಗ್ರ ನೆಲೆಗಳ ಮೇಲೆ ನಡೆಸಿದ ಆಪರೇಷನ್ ಸಿಂದೂರ ಯಶಸ್ವಿಯಾಗಿದೆ. ಆದರೆ ದೇಶದ ಒಳಗೆ ರಾಜಕೀಯ ಪಕ್ಷಗಳ ನಡುವಿನ ವಾಕ್ ಸಮರ ಮಾತ್ರ ನಿಲ್ಲುತ್ತಿಲ್ಲ. ಕಾಂಗ್ರೆಸ್ ನಾಯಕರು ಸೇನೆಯ ಕಾರ್ಯಾಚರಣೆಯ ಬಗ್ಗೆ ಪ್ರಶ್ನೆ ಎತ್ತುತ್ತಿದ್ದಾರೆ. ಎಷ್ಟು ವಿಮಾನ ನಷ್ಟವಾಯಿತು ಎಂದು ಕೇಳುತ್ತಿದ್ದಾರೆ. ಇದಕ್ಕೆ ಬಿಜೆಪಿ ನಾಯಕರು ತೀಕ್ಷ್ಣ ತಿರುಗೇಟು ನೀಡುತ್ತಿದ್ದಾರೆ. ಸೇನೆಯ ಶೌರ್ಯವನ್ನು ಪ್ರಶ್ನಿಸುವುದು ದೇಶದ್ರೋಹ ಎನ್ನುತ್ತಿದ್ದಾರೆ. ಸರ್ವಪಕ್ಷ ನಿಯೋಗಗಳು ವಿದೇಶಗಳಿಗೆ ತೆರಳಿ ಭಾರತದ ನಿಲುವನ್ನು ವಿವರಿಸುತ್ತಿವೆ. ಶಶಿ ತರೂರ್ ಅವರನ್ನು ನಿಯೋಗದ ನೇತೃತ್ವಕ್ಕೆ ಆಯ್ಕೆ ಮಾಡಿದ್ದು ಕಾಂಗ್ರೆಸ್‌ಗೆ ಇರುಸುಮುರುಸು ತಂದಿದೆ. ಪಕ್ಷದ ಶಿಫಾರಸು ಪಟ್ಟಿಯಲ್ಲಿ ತರೂರ್ ಹೆಸರಿರಲಿಲ್ಲ. ಆದರೂ ಕೇಂದ್ರ ಸರ್ಕಾರ ಅವರನ್ನು ಆಯ್ಕೆ ಮಾಡಿತು. ರಾಷ್ಟ್ರೀಯ ಭದ್ರತೆಯ ವಿಷಯದಲ್ಲಿ ಎಲ್ಲ ಪಕ್ಷಗಳೂ ಒಂದಾಗಿ ನಿಲ್ಲಬೇಕಿರುವುದು ಇಂದಿನ ಅಗತ್ಯ. ಆದರೆ ರಾಜಕೀಯ ಲಾಭಕ್ಕಾಗಿ ವಾಕ್ ಸಮರ ಮುಂದುವರಿದಿದೆ. ಜನಸಾಮಾನ್ಯರು ಇದನ್ನೆಲ್ಲ ಗಮನಿಸುತ್ತಿದ್ದಾರೆ. ಚುನಾವಣೆಯಲ್ಲಿ ಇದಕ್ಕೆ ತಕ್ಕ ಉತ್ತರ ನೀಡುತ್ತಾರೆ. ಪಾಕಿಸ್ತಾನದ ವಿರುದ್ಧದ ಸಮರಕ್ಕಿಂತ ದೇಶದೊಳಗಿನ ವಾಕ್ ಸಮರವೇ ಹೆಚ್ಚು ಸದ್ದು ಮಾಡುತ್ತಿದೆ. ಇದು ವಿಪರ್ಯಾಸವೇ ಸರಿ. ಸೇನೆಯ ಸಾಧನೆಯನ್ನು ಗೌರವಿಸಬೇಕೇ ಹೊರತು ಅದನ್ನು ರಾಜಕೀಯಕ್ಕೆ ಬಳಸಿಕೊಳ್ಳಬಾರದು. ಎಲ್ಲ ಪಕ್ಷಗಳ ನಾಯಕರು ಸಂಯಮದಿಂದ ವರ್ತಿಸಬೇಕಿದೆ. ದೇಶದ ಹಿತವೇ ಮೊದಲು ಎಂಬ ಮನೋಭಾವ ಎಲ್ಲರಲ್ಲೂ ಬರಬೇಕಿದೆ. ಪ್ರಜಾಪ್ರಭುತ್ವದಲ್ಲಿ ಪ್ರತಿಪಕ್ಷಗಳಿಗೆ ಪ್ರಶ್ನಿಸುವ ಹಕ್ಕಿದೆ ನಿಜ. ಆದರೆ ಯಾವ ಸಮಯದಲ್ಲಿ ಏನು ಪ್ರಶ್ನಿಸಬೇಕು ಎಂಬ ವಿವೇಕವೂ ಇರಬೇಕು. ಶತ್ರುದೇಶಕ್ಕೆ ಲಾಭವಾಗುವಂತಹ ಹೇಳಿಕೆಗಳನ್ನು ನೀಡಬಾರದು.
